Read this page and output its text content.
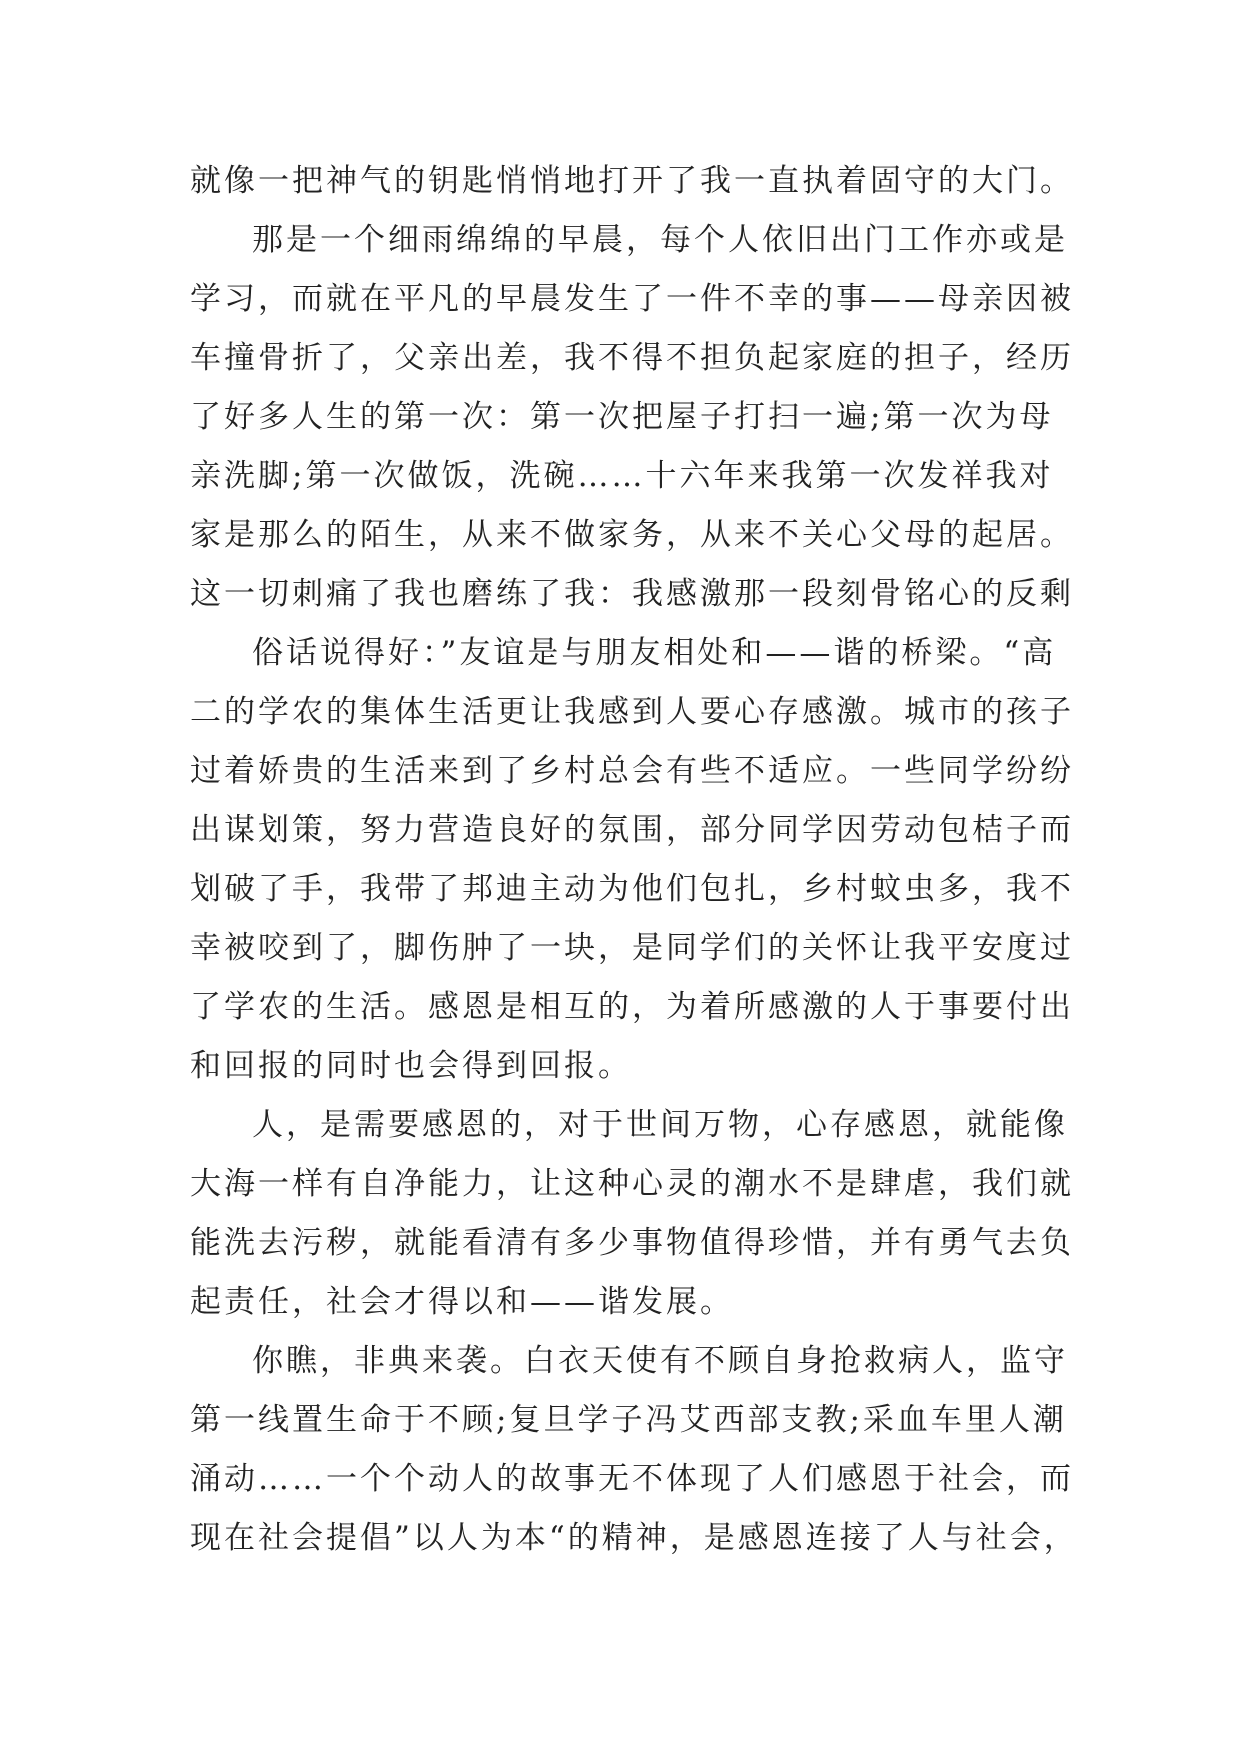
就像一把神气的钥匙悄悄地打开了我一直执着固守的大门。
那是一个细雨绵绵的早晨，每个人依旧出门工作亦或是
学习，而就在平凡的早晨发生了一件不幸的事——母亲因被
车撞骨折了，父亲出差，我不得不担负起家庭的担子，经历
了好多人生的第一次：第一次把屋子打扫一遍;第一次为母
亲洗脚;第一次做饭，洗碗……十六年来我第一次发祥我对
家是那么的陌生，从来不做家务，从来不关心父母的起居。
这一切刺痛了我也磨练了我：我感激那一段刻骨铭心的反剩
俗话说得好：”友谊是与朋友相处和——谐的桥梁。“高
二的学农的集体生活更让我感到人要心存感激。城市的孩子
过着娇贵的生活来到了乡村总会有些不适应。一些同学纷纷
出谋划策，努力营造良好的氛围，部分同学因劳动包桔子而
划破了手，我带了邦迪主动为他们包扎，乡村蚊虫多，我不
幸被咬到了，脚伤肿了一块，是同学们的关怀让我平安度过
了学农的生活。感恩是相互的，为着所感激的人于事要付出
和回报的同时也会得到回报。
人，是需要感恩的，对于世间万物，心存感恩，就能像
大海一样有自净能力，让这种心灵的潮水不是肆虐，我们就
能洗去污秽，就能看清有多少事物值得珍惜，并有勇气去负
起责任，社会才得以和——谐发展。
你瞧，非典来袭。白衣天使有不顾自身抢救病人，监守
第一线置生命于不顾;复旦学子冯艾西部支教;采血车里人潮
涌动……一个个动人的故事无不体现了人们感恩于社会，而
现在社会提倡”以人为本“的精神，是感恩连接了人与社会，
